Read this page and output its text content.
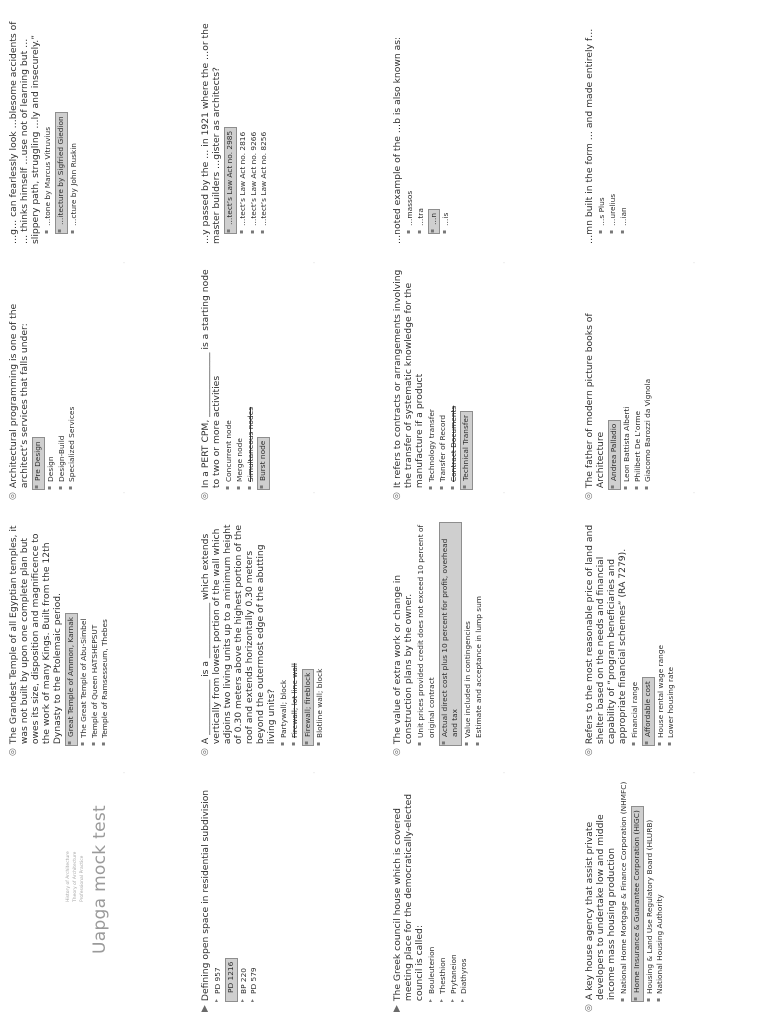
Uapga mock test
History of Architecture Theory of Architecture Professional Practice
▶
Defining open space in residential subdivision ▸ PD 957 PD 1216 ▸ BP 220 ▸ PD 579
▶
The Greek council house which is covered meeting place for the democratically-elected council is called: ▸ Bouleuterion ▸ Thesthion ▸ Prytaneion ▸ Diathyros
◎
A key house agency that assist private developers to undertake low and middle income mass housing production ▪ National Home Mortgage & Finance Corporation (NHMFC) ▪ Home Insurance & Guarantee Corporation (HIGC) ▪ Housing & Land Use Regulatory Board (HLURB) ▪ National Housing Authority
◎
The Grandest Temple of all Egyptian temples, it was not built by upon one complete plan but owes its size, disposition and magnificence to the work of many Kings. Built from the 12th Dynasty to the Ptolemaic period. ▪ Great Temple of Ammon, Karnak ▪ The Great Temple of Abu-Simbel ▪ Temple of Queen HATSHEPSUT ▪ Temple of Ramsesseum, Thebes
◎
A ____________ is a ____________ which extends vertically from lowest portion of the wall which adjoins two living units up to a minimum height of 0.30 meters above the highest portion of the roof and extends horizontally 0.30 meters beyond the outermost edge of the abutting living units? ▪ Partywall; block ▪ Firewall; lot line wall ▪ Firewall; fireblock ▪ Blotline wall; block
◎
The value of extra work or change in construction plans by the owner. ▪ Unit prices provided credit does not exceed 10 percent of original contract ▪ Actual direct cost plus 10 percent for profit, overhead and tax ▪ Value included in contingencies ▪ Estimate and acceptance in lump sum
◎
Refers to the most reasonable price of land and shelter based on the needs and financial capability of “program beneficiaries and appropriate financial schemes” (RA 7279). ▪ Financial range ▪ Affordable cost ▪ House rental wage range ▪ Lower housing rate
◎
Architectural programming is one of the architect’s services that falls under: ▪ Pre Design ▪ Design ▪ Design-Build ▪ Specialized Services
◎
In a PERT CPM, ______________ is a starting node to two or more activities ▪ Concurrent node ▪ Merge node ▪ Simultaneous nodes ▪ Burst node
◎
It refers to contracts or arrangements involving the transfer of systematic knowledge for the manufacture if a product ▪ Technology transfer ▪ Transfer of Record ▪ Contract Documents ▪ Technical Transfer
◎
The father of modern picture books of Architecture ▪ Andrea Palladio ▪ Leon Battista Alberti ▪ Philibert De L’orme ▪ Giacomo Barozzi da Vignola
…g… can fearlessly look …blesome accidents of … thinks himself …use not of learning but …slippery path, struggling …ly and insecurely.” ▪ …tone by Marcus Vitruvius ▪ …itecture by Sigfried Giedion ▪ …cture by John Ruskin	…y passed by the … in 1921 where the …or the master builders …gister as architects? ▪ …tect’s Law Act no. 2985 ▪ …tect’s Law Act no. 2816 ▪ …tect’s Law Act no. 9266 ▪ …tect’s Law Act no. 8256	…noted example of the …b is also known as: ▪ …massos ▪ …tra ▪ …n ▪ …is	…mn built in the form … and made entirely f… ▪ …s Plus ▪ …urelius ▪ …ian
·	·	·	·
·	·	·	·
·	·	·	·
